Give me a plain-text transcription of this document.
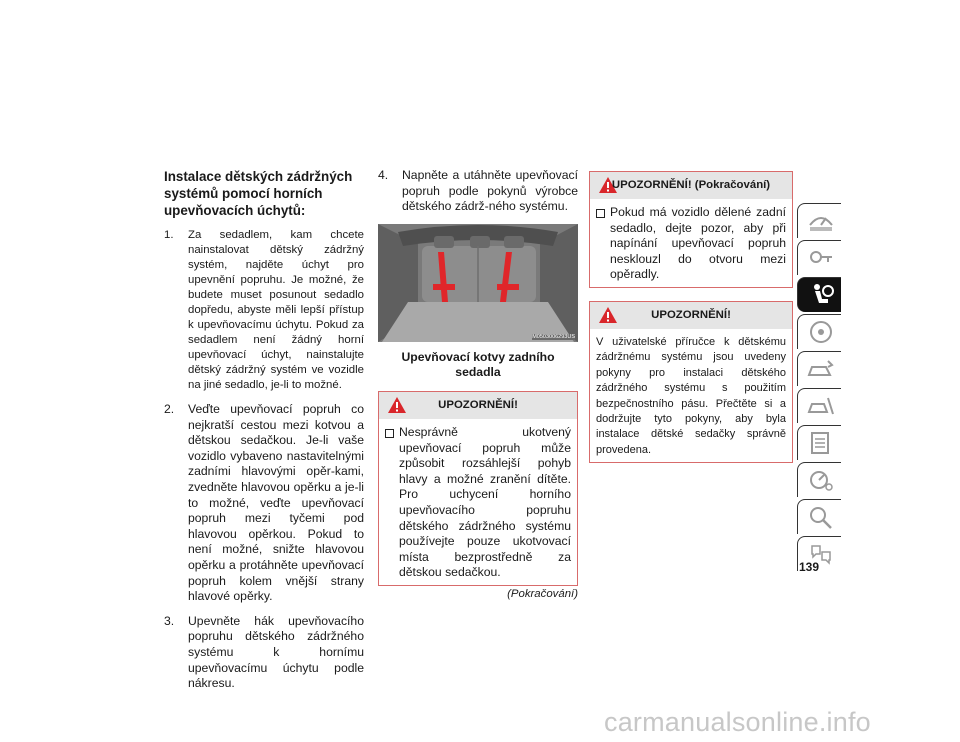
Instalace dětských zádržných systémů pomocí horních upevňovacích úchytů:
1. Za sedadlem, kam chcete nainstalovat dětský zádržný systém, najděte úchyt pro upevnění popruhu. Je možné, že budete muset posunout sedadlo dopředu, abyste měli lepší přístup k upevňovacímu úchytu. Pokud za sedadlem není žádný horní upevňovací úchyt, nainstalujte dětský zádržný systém ve vozidle na jiné sedadlo, je-li to možné.
2. Veďte upevňovací popruh co nejkratší cestou mezi kotvou a dětskou sedačkou. Je-li vaše vozidlo vybaveno nastavitelnými zadními hlavovými opěr-kami, zvedněte hlavovou opěrku a je-li to možné, veďte upevňovací popruh mezi tyčemi pod hlavovou opěrkou. Pokud to není možné, snižte hlavovou opěrku a protáhněte upevňovací popruh kolem vnější strany hlavové opěrky.
3. Upevněte hák upevňovacího popruhu dětského zádržného systému k hornímu upevňovacímu úchytu podle nákresu.
4. Napněte a utáhněte upevňovací popruh podle pokynů výrobce dětského zádrž-ného systému.
M0503006293US
Upevňovací kotvy zadního sedadla
UPOZORNĚNÍ!
Nesprávně ukotvený upevňovací popruh může způsobit rozsáhlejší pohyb hlavy a možné zranění dítěte. Pro uchycení horního upevňovacího popruhu dětského zádržného systému používejte pouze ukotvovací místa bezprostředně za dětskou sedačkou.
(Pokračování)
UPOZORNĚNÍ! (Pokračování)
Pokud má vozidlo dělené zadní sedadlo, dejte pozor, aby při napínání upevňovací popruh nesklouzl do otvoru mezi opěradly.
UPOZORNĚNÍ!
V uživatelské příručce k dětskému zádržnému systému jsou uvedeny pokyny pro instalaci dětského zádržného systému s použitím bezpečnostního pásu. Přečtěte si a dodržujte tyto pokyny, aby byla instalace dětské sedačky správně provedena.
139
carmanualsonline.info
